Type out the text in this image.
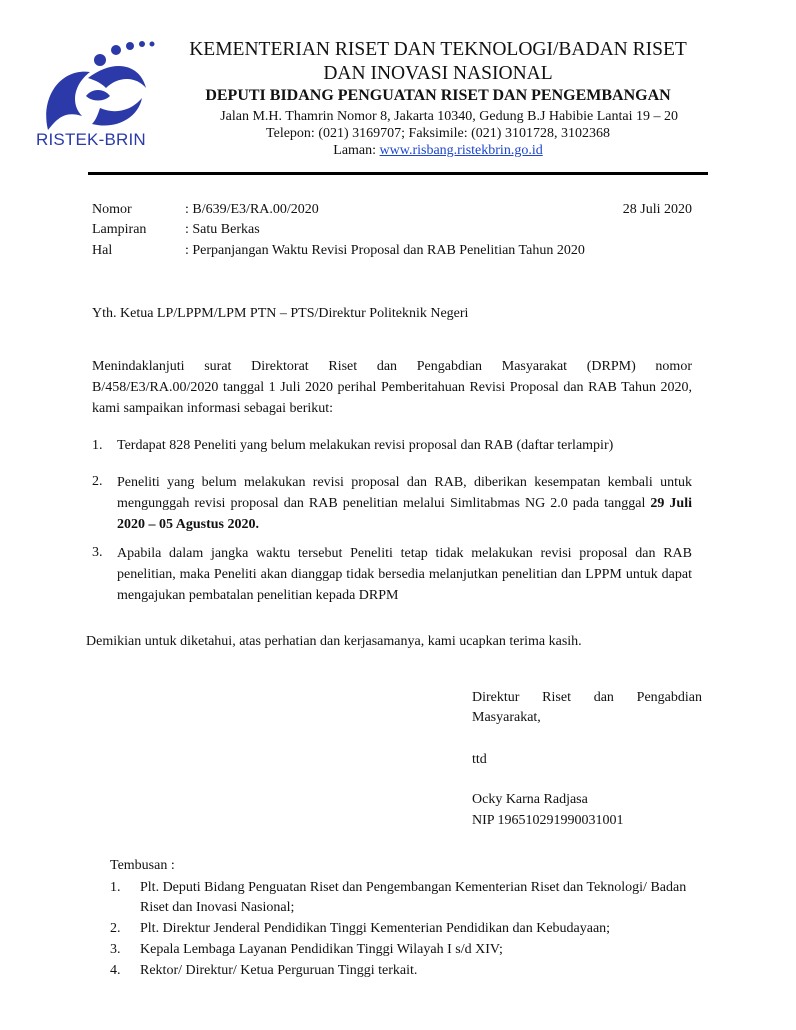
RISTEK-BRIN
KEMENTERIAN RISET DAN TEKNOLOGI/BADAN RISET
DAN INOVASI NASIONAL
DEPUTI BIDANG PENGUATAN RISET DAN PENGEMBANGAN
Jalan M.H. Thamrin Nomor 8, Jakarta 10340, Gedung B.J Habibie Lantai 19 – 20
Telepon: (021) 3169707; Faksimile: (021) 3101728, 3102368
Laman: www.risbang.ristekbrin.go.id
Nomor	: B/639/E3/RA.00/2020	28 Juli 2020
Lampiran	: Satu Berkas
Hal	: Perpanjangan Waktu Revisi Proposal dan RAB Penelitian Tahun 2020
Yth. Ketua LP/LPPM/LPM PTN – PTS/Direktur Politeknik Negeri
Menindaklanjuti surat Direktorat Riset dan Pengabdian Masyarakat (DRPM) nomor B/458/E3/RA.00/2020 tanggal 1 Juli 2020 perihal Pemberitahuan Revisi Proposal dan RAB Tahun 2020, kami sampaikan informasi sebagai berikut:
1. Terdapat 828 Peneliti yang belum melakukan revisi proposal dan RAB (daftar terlampir)
2. Peneliti yang belum melakukan revisi proposal dan RAB, diberikan kesempatan kembali untuk mengunggah revisi proposal dan RAB penelitian melalui Simlitabmas NG 2.0 pada tanggal 29 Juli 2020 – 05 Agustus 2020.
3. Apabila dalam jangka waktu tersebut Peneliti tetap tidak melakukan revisi proposal dan RAB penelitian, maka Peneliti akan dianggap tidak bersedia melanjutkan penelitian dan LPPM untuk dapat mengajukan pembatalan penelitian kepada DRPM
Demikian untuk diketahui, atas perhatian dan kerjasamanya, kami ucapkan terima kasih.
Direktur Riset dan Pengabdian Masyarakat,
ttd
Ocky Karna Radjasa
NIP 196510291990031001
Tembusan :
1. Plt. Deputi Bidang Penguatan Riset dan Pengembangan Kementerian Riset dan Teknologi/ Badan Riset dan Inovasi Nasional;
2. Plt. Direktur Jenderal Pendidikan Tinggi Kementerian Pendidikan dan Kebudayaan;
3. Kepala Lembaga Layanan Pendidikan Tinggi Wilayah I s/d XIV;
4. Rektor/ Direktur/ Ketua Perguruan Tinggi terkait.
